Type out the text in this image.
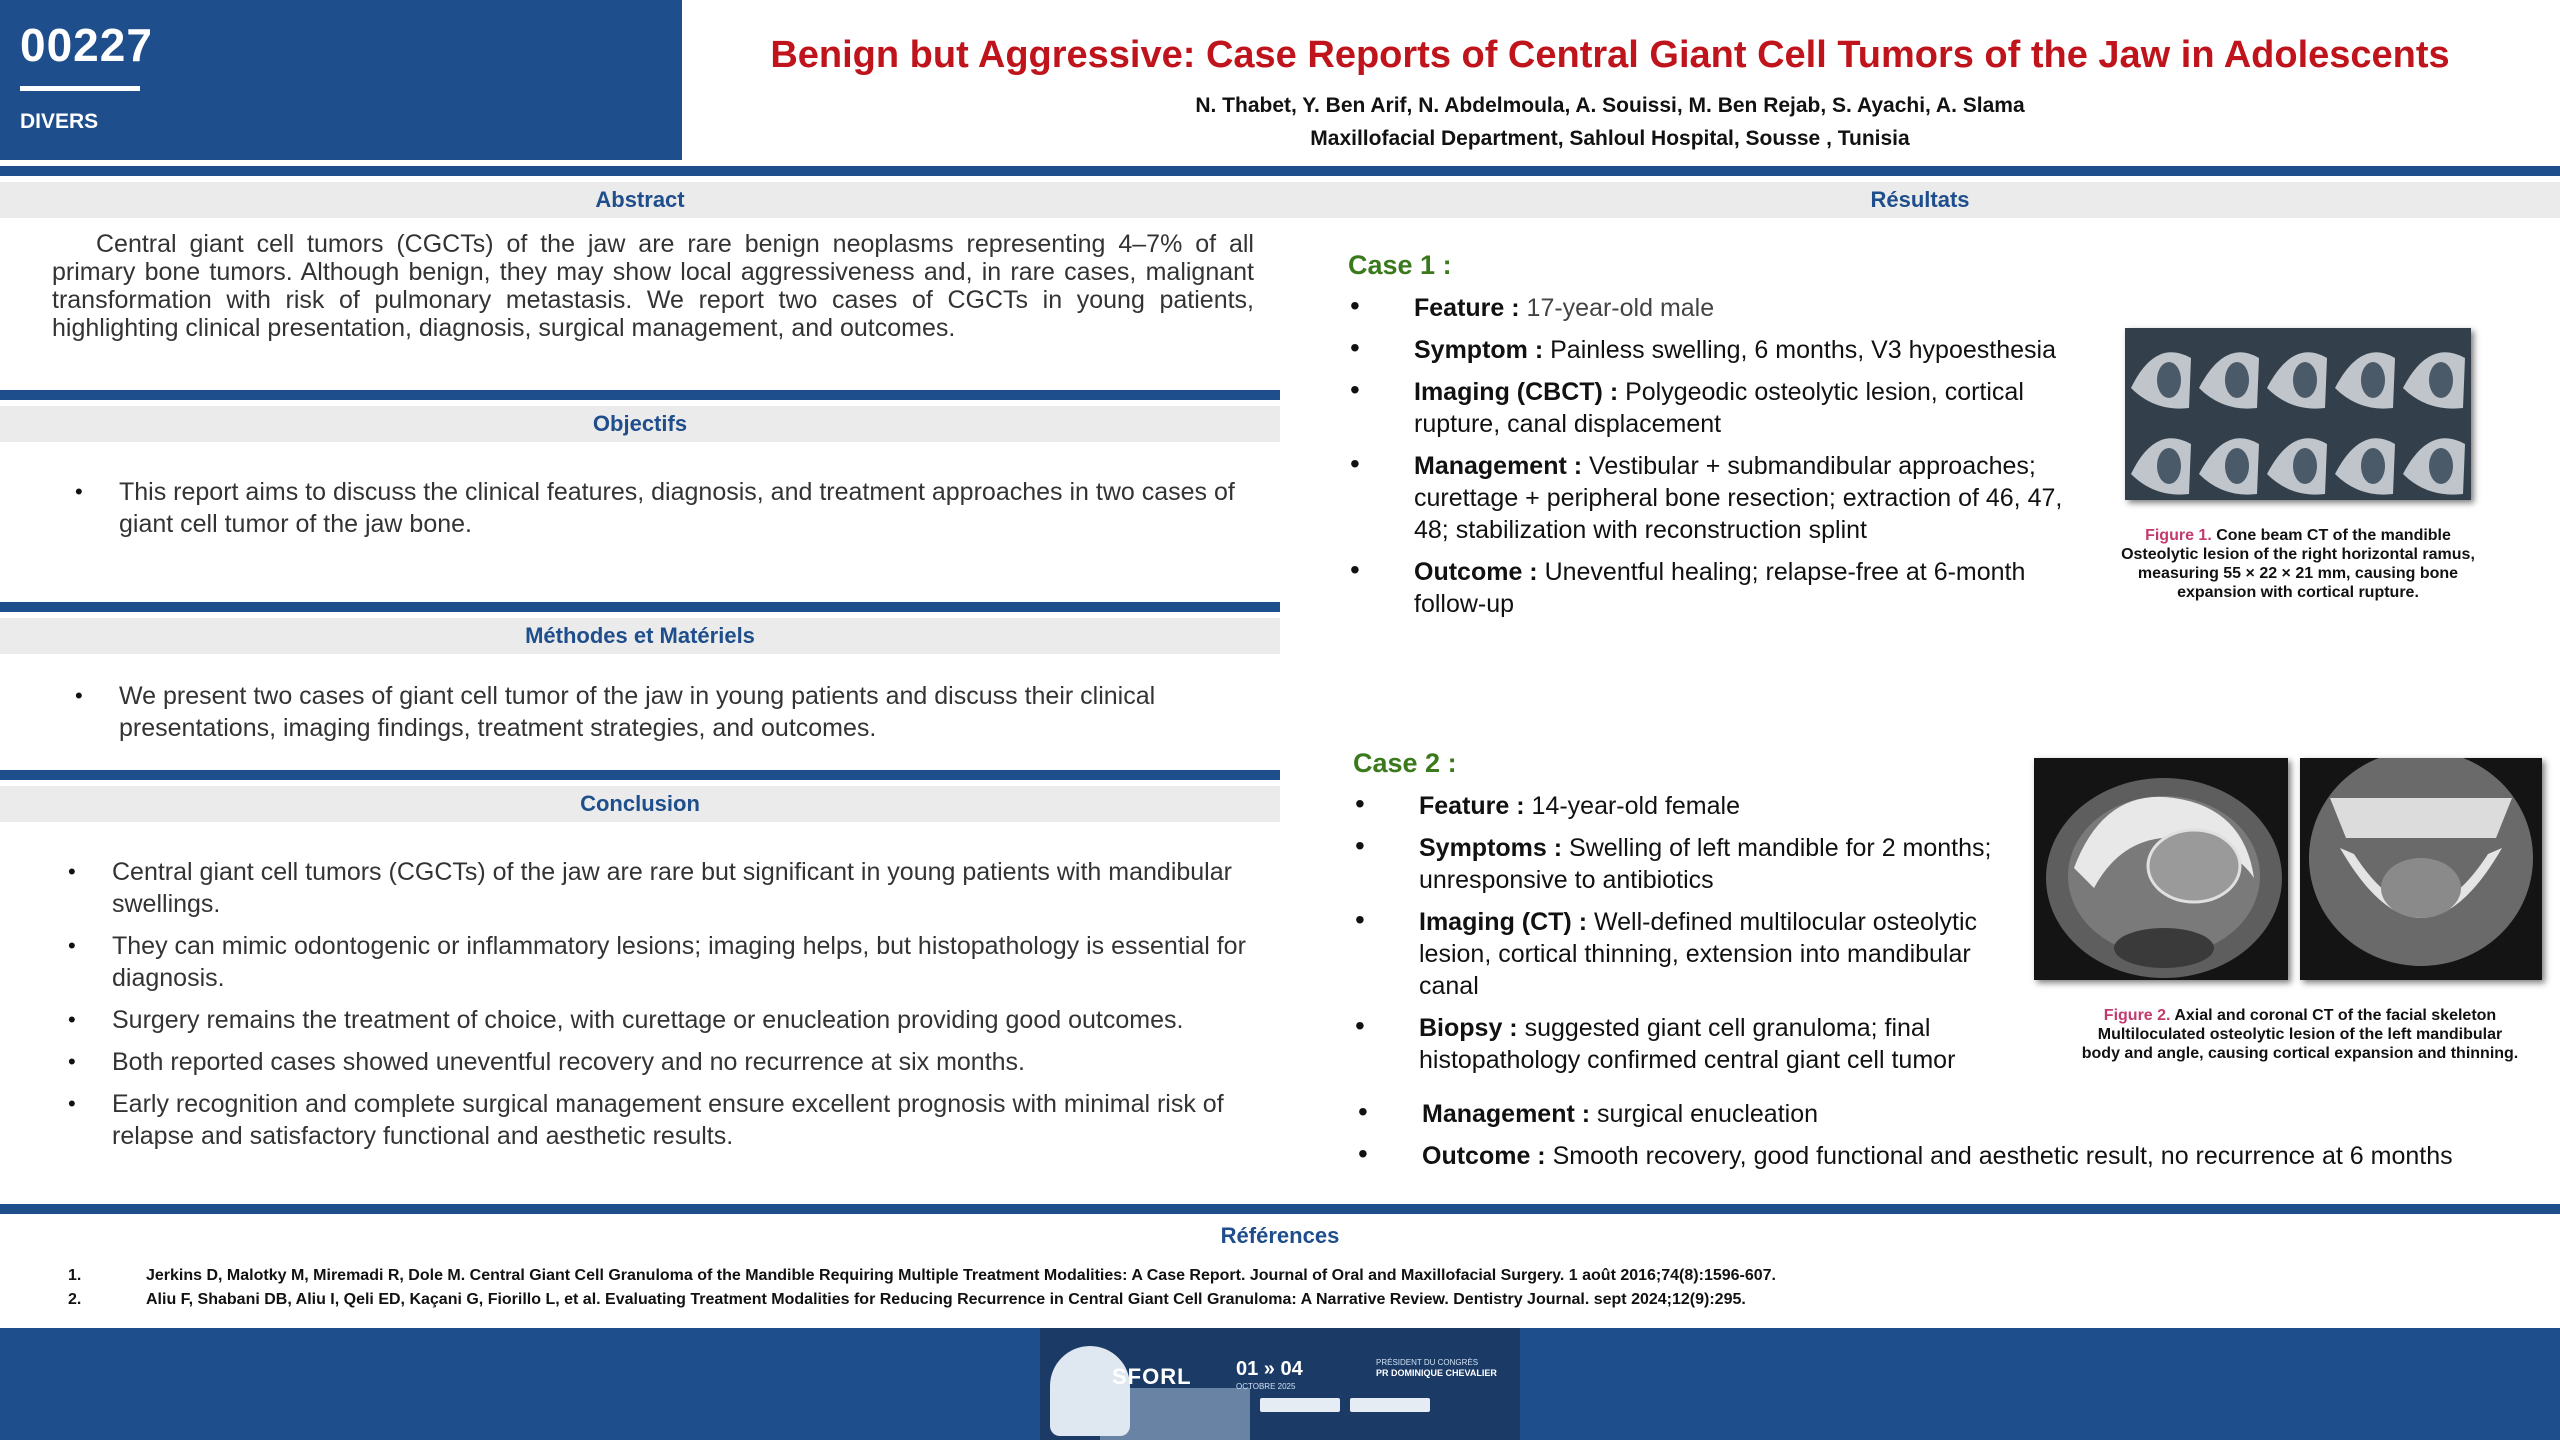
00227
DIVERS
Benign but Aggressive: Case Reports of Central Giant Cell Tumors of the Jaw in Adolescents
N. Thabet, Y. Ben Arif, N. Abdelmoula, A. Souissi, M. Ben Rejab, S. Ayachi, A. Slama
Maxillofacial Department, Sahloul Hospital, Sousse , Tunisia
Abstract
Central giant cell tumors (CGCTs) of the jaw are rare benign neoplasms representing 4–7% of all primary bone tumors. Although benign, they may show local aggressiveness and, in rare cases, malignant transformation with risk of pulmonary metastasis. We report two cases of CGCTs in young patients, highlighting clinical presentation, diagnosis, surgical management, and outcomes.
Objectifs
• This report aims to discuss the clinical features, diagnosis, and treatment approaches in two cases of giant cell tumor of the jaw bone.
Méthodes et Matériels
• We present two cases of giant cell tumor of the jaw in young patients and discuss their clinical presentations, imaging findings, treatment strategies, and outcomes.
Conclusion
• Central giant cell tumors (CGCTs) of the jaw are rare but significant in young patients with mandibular swellings.
• They can mimic odontogenic or inflammatory lesions; imaging helps, but histopathology is essential for diagnosis.
• Surgery remains the treatment of choice, with curettage or enucleation providing good outcomes.
• Both reported cases showed uneventful recovery and no recurrence at six months.
• Early recognition and complete surgical management ensure excellent prognosis with minimal risk of relapse and satisfactory functional and aesthetic results.
Résultats
Case 1 :
• Feature : 17-year-old male
• Symptom : Painless swelling, 6 months, V3 hypoesthesia
• Imaging (CBCT) : Polygeodic osteolytic lesion, cortical rupture, canal displacement
• Management : Vestibular + submandibular approaches; curettage + peripheral bone resection; extraction of 46, 47, 48; stabilization with reconstruction splint
• Outcome : Uneventful healing; relapse-free at 6-month follow-up
Figure 1. Cone beam CT of the mandible Osteolytic lesion of the right horizontal ramus, measuring 55 × 22 × 21 mm, causing bone expansion with cortical rupture.
Case 2 :
• Feature : 14-year-old female
• Symptoms : Swelling of left mandible for 2 months; unresponsive to antibiotics
• Imaging (CT) : Well-defined multilocular osteolytic lesion, cortical thinning, extension into mandibular canal
• Biopsy : suggested giant cell granuloma; final histopathology confirmed central giant cell tumor
• Management : surgical enucleation
• Outcome : Smooth recovery, good functional and aesthetic result, no recurrence at 6 months
Figure 2. Axial and coronal CT of the facial skeleton Multiloculated osteolytic lesion of the left mandibular body and angle, causing cortical expansion and thinning.
Références
1.	Jerkins D, Malotky M, Miremadi R, Dole M. Central Giant Cell Granuloma of the Mandible Requiring Multiple Treatment Modalities: A Case Report. Journal of Oral and Maxillofacial Surgery. 1 août 2016;74(8):1596-607.
2.	Aliu F, Shabani DB, Aliu I, Qeli ED, Kaçani G, Fiorillo L, et al. Evaluating Treatment Modalities for Reducing Recurrence in Central Giant Cell Granuloma: A Narrative Review. Dentistry Journal. sept 2024;12(9):295.
SFORL 01 » 04
OCTOBRE 2025
PRÉSIDENT DU CONGRÈS
PR DOMINIQUE CHEVALIER
